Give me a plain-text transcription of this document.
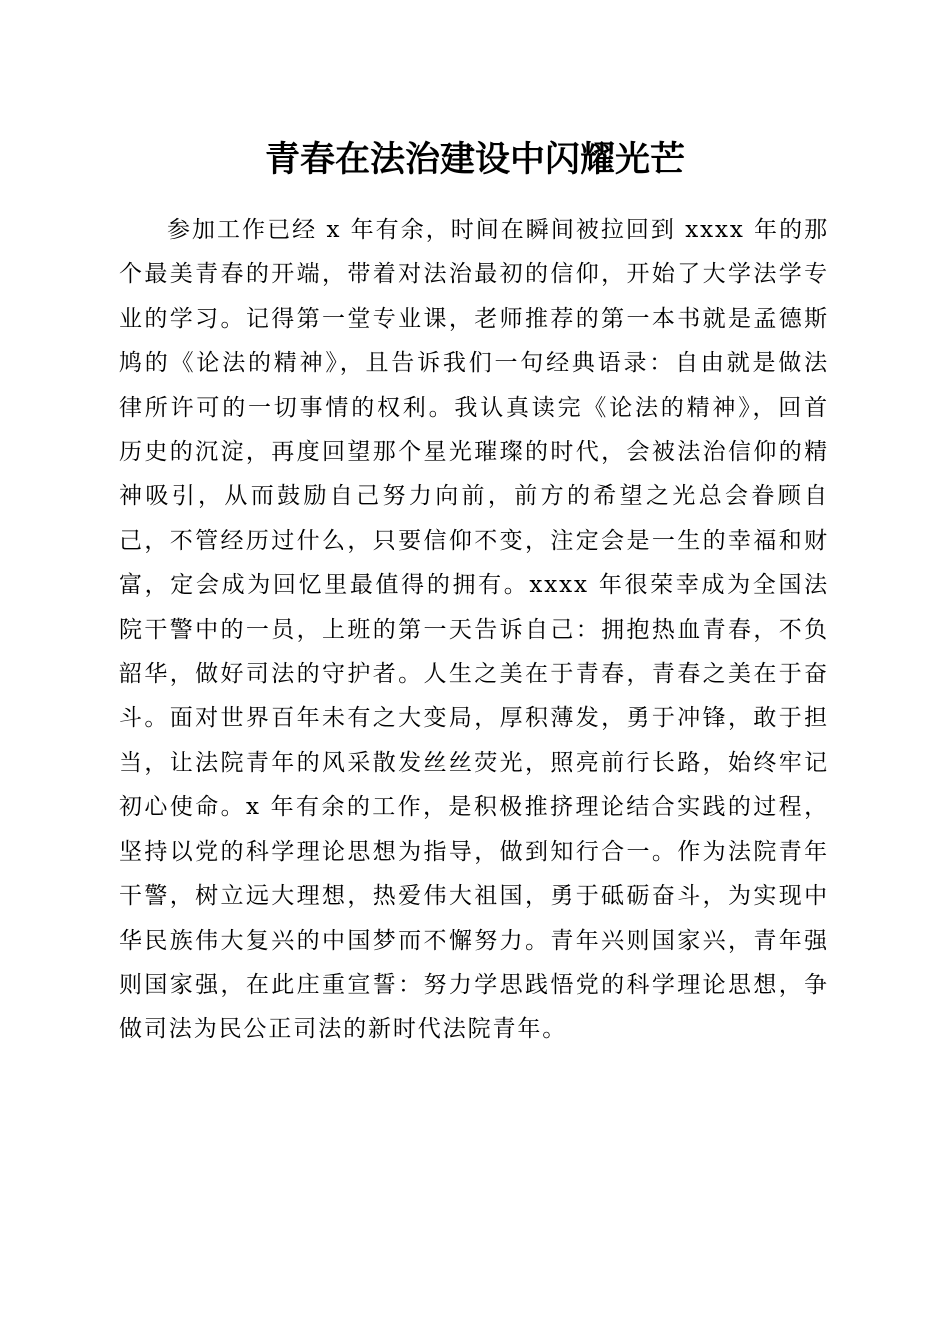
青春在法治建设中闪耀光芒

参加工作已经 x 年有余，时间在瞬间被拉回到 xxxx 年的那个最美青春的开端，带着对法治最初的信仰，开始了大学法学专业的学习。记得第一堂专业课，老师推荐的第一本书就是孟德斯鸠的《论法的精神》，且告诉我们一句经典语录：自由就是做法律所许可的一切事情的权利。我认真读完《论法的精神》，回首历史的沉淀，再度回望那个星光璀璨的时代，会被法治信仰的精神吸引，从而鼓励自己努力向前，前方的希望之光总会眷顾自己，不管经历过什么，只要信仰不变，注定会是一生的幸福和财富，定会成为回忆里最值得的拥有。xxxx 年很荣幸成为全国法院干警中的一员，上班的第一天告诉自己：拥抱热血青春，不负韶华，做好司法的守护者。人生之美在于青春，青春之美在于奋斗。面对世界百年未有之大变局，厚积薄发，勇于冲锋，敢于担当，让法院青年的风采散发丝丝荧光，照亮前行长路，始终牢记初心使命。x 年有余的工作，是积极推挤理论结合实践的过程，坚持以党的科学理论思想为指导，做到知行合一。作为法院青年干警，树立远大理想，热爱伟大祖国，勇于砥砺奋斗，为实现中华民族伟大复兴的中国梦而不懈努力。青年兴则国家兴，青年强则国家强，在此庄重宣誓：努力学思践悟党的科学理论思想，争做司法为民公正司法的新时代法院青年。
